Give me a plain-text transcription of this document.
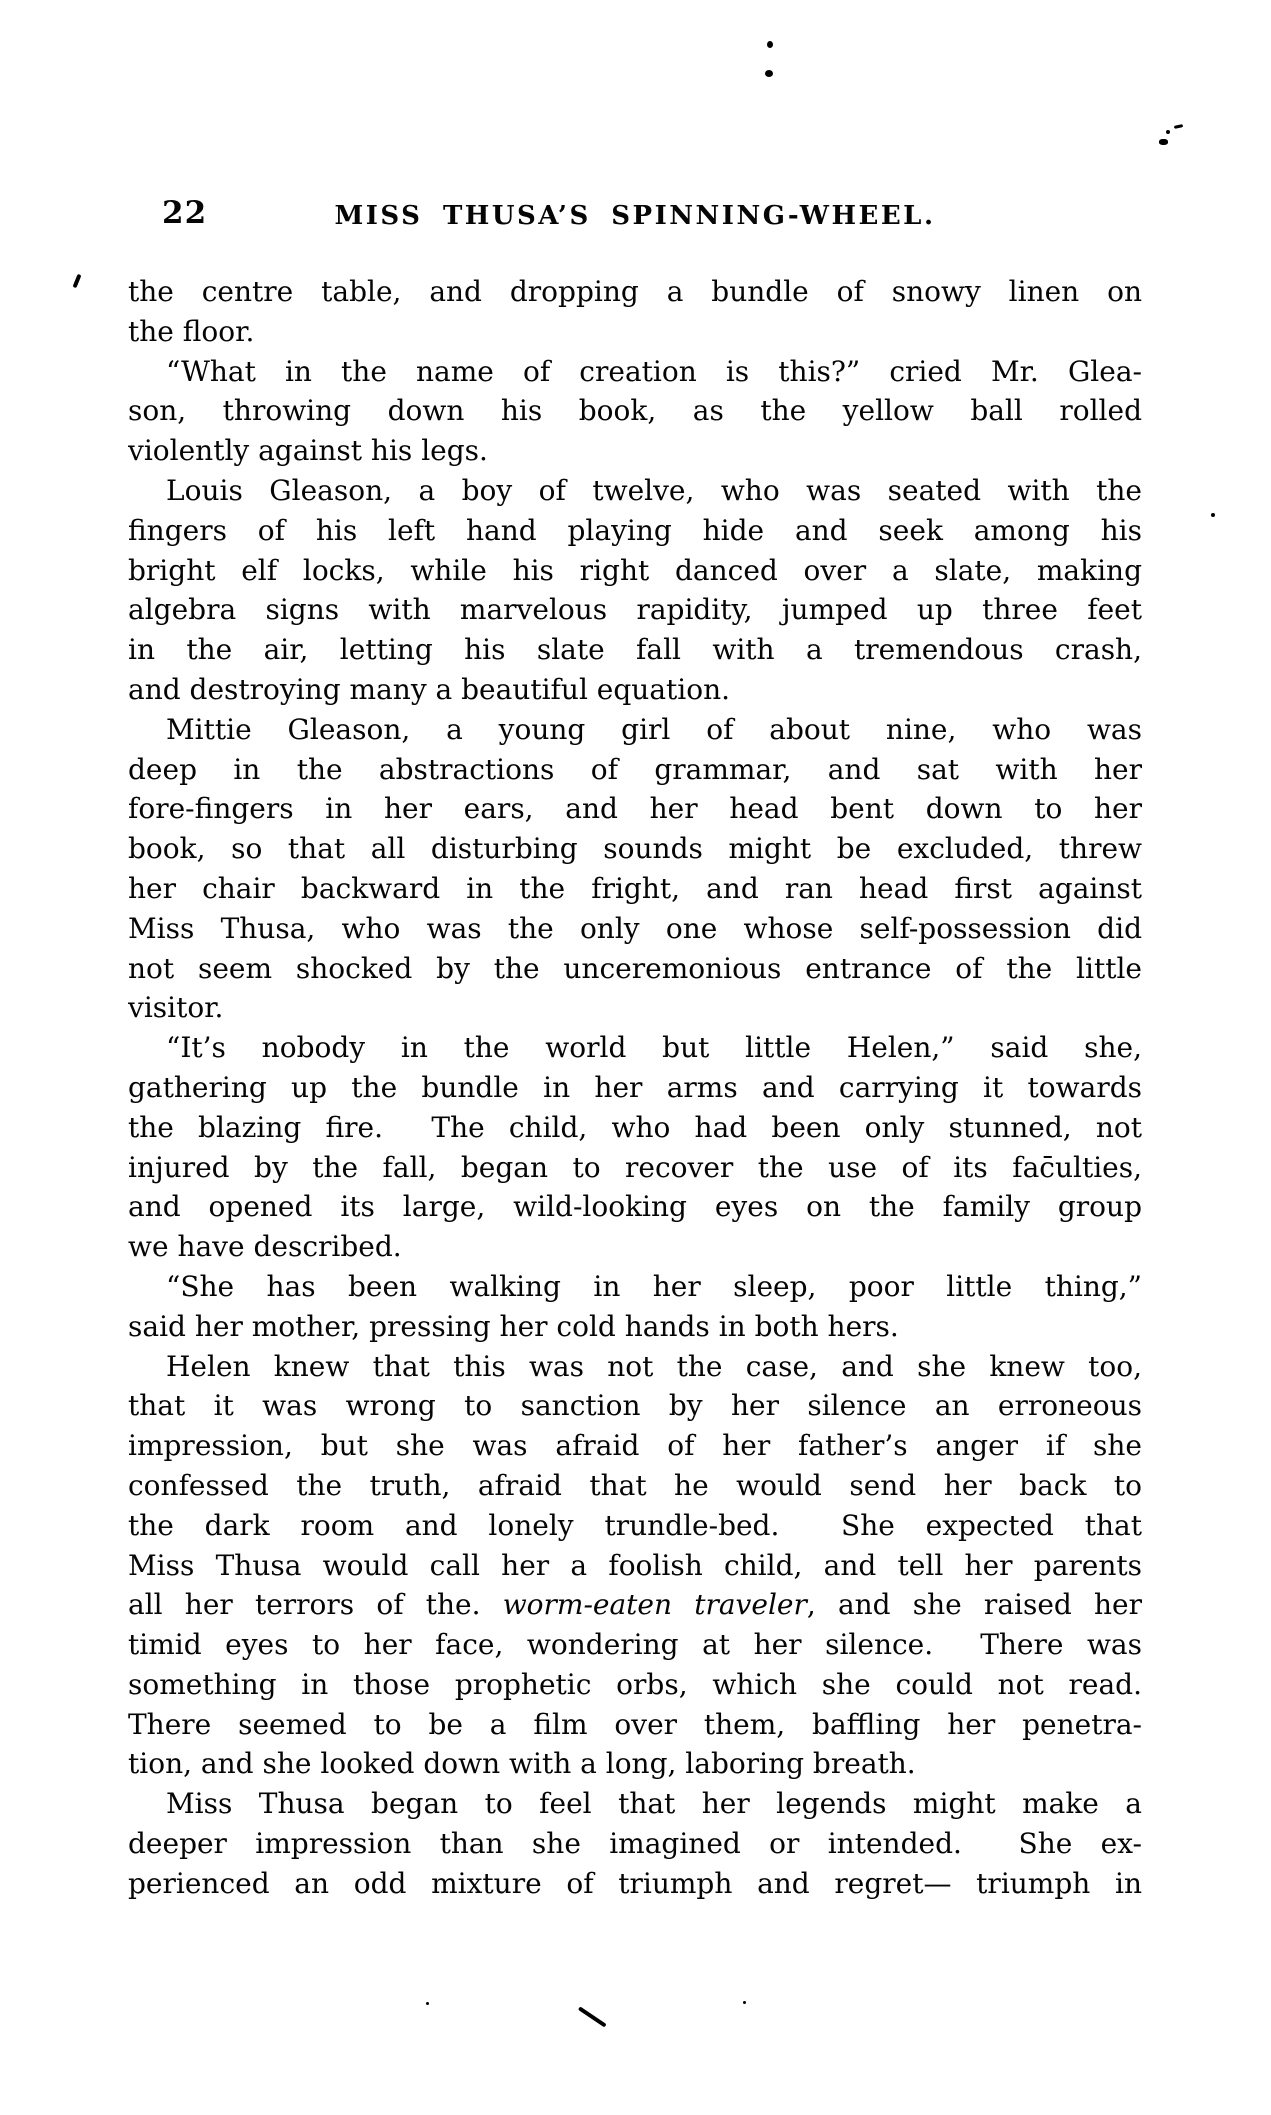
22	MISS THUSA’S SPINNING-WHEEL.
the centre table, and dropping a bundle of snowy linen on
the floor.
“What in the name of creation is this?” cried Mr. Glea-
son, throwing down his book, as the yellow ball rolled
violently against his legs.
Louis Gleason, a boy of twelve, who was seated with the
fingers of his left hand playing hide and seek among his
bright elf locks, while his right danced over a slate, making
algebra signs with marvelous rapidity, jumped up three feet
in the air, letting his slate fall with a tremendous crash,
and destroying many a beautiful equation.
Mittie Gleason, a young girl of about nine, who was
deep in the abstractions of grammar, and sat with her
fore-fingers in her ears, and her head bent down to her
book, so that all disturbing sounds might be excluded, threw
her chair backward in the fright, and ran head first against
Miss Thusa, who was the only one whose self-possession did
not seem shocked by the unceremonious entrance of the little
visitor.
“It’s nobody in the world but little Helen,” said she,
gathering up the bundle in her arms and carrying it towards
the blazing fire.  The child, who had been only stunned, not
injured by the fall, began to recover the use of its fac̄ulties,
and opened its large, wild-looking eyes on the family group
we have described.
“She has been walking in her sleep, poor little thing,”
said her mother, pressing her cold hands in both hers.
Helen knew that this was not the case, and she knew too,
that it was wrong to sanction by her silence an erroneous
impression, but she was afraid of her father’s anger if she
confessed the truth, afraid that he would send her back to
the dark room and lonely trundle-bed.  She expected that
Miss Thusa would call her a foolish child, and tell her parents
all her terrors of the. worm-eaten traveler, and she raised her
timid eyes to her face, wondering at her silence.  There was
something in those prophetic orbs, which she could not read.
There seemed to be a film over them, baffling her penetra-
tion, and she looked down with a long, laboring breath.
Miss Thusa began to feel that her legends might make a
deeper impression than she imagined or intended.  She ex-
perienced an odd mixture of triumph and regret— triumph in
